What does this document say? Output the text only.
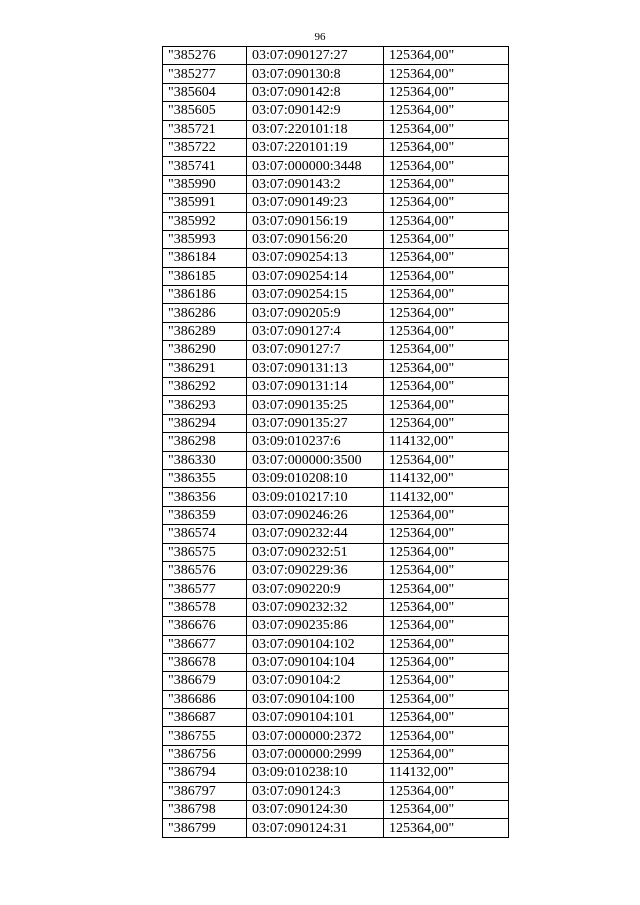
96
"385276	03:07:090127:27	125364,00"
"385277	03:07:090130:8	125364,00"
"385604	03:07:090142:8	125364,00"
"385605	03:07:090142:9	125364,00"
"385721	03:07:220101:18	125364,00"
"385722	03:07:220101:19	125364,00"
"385741	03:07:000000:3448	125364,00"
"385990	03:07:090143:2	125364,00"
"385991	03:07:090149:23	125364,00"
"385992	03:07:090156:19	125364,00"
"385993	03:07:090156:20	125364,00"
"386184	03:07:090254:13	125364,00"
"386185	03:07:090254:14	125364,00"
"386186	03:07:090254:15	125364,00"
"386286	03:07:090205:9	125364,00"
"386289	03:07:090127:4	125364,00"
"386290	03:07:090127:7	125364,00"
"386291	03:07:090131:13	125364,00"
"386292	03:07:090131:14	125364,00"
"386293	03:07:090135:25	125364,00"
"386294	03:07:090135:27	125364,00"
"386298	03:09:010237:6	114132,00"
"386330	03:07:000000:3500	125364,00"
"386355	03:09:010208:10	114132,00"
"386356	03:09:010217:10	114132,00"
"386359	03:07:090246:26	125364,00"
"386574	03:07:090232:44	125364,00"
"386575	03:07:090232:51	125364,00"
"386576	03:07:090229:36	125364,00"
"386577	03:07:090220:9	125364,00"
"386578	03:07:090232:32	125364,00"
"386676	03:07:090235:86	125364,00"
"386677	03:07:090104:102	125364,00"
"386678	03:07:090104:104	125364,00"
"386679	03:07:090104:2	125364,00"
"386686	03:07:090104:100	125364,00"
"386687	03:07:090104:101	125364,00"
"386755	03:07:000000:2372	125364,00"
"386756	03:07:000000:2999	125364,00"
"386794	03:09:010238:10	114132,00"
"386797	03:07:090124:3	125364,00"
"386798	03:07:090124:30	125364,00"
"386799	03:07:090124:31	125364,00"
